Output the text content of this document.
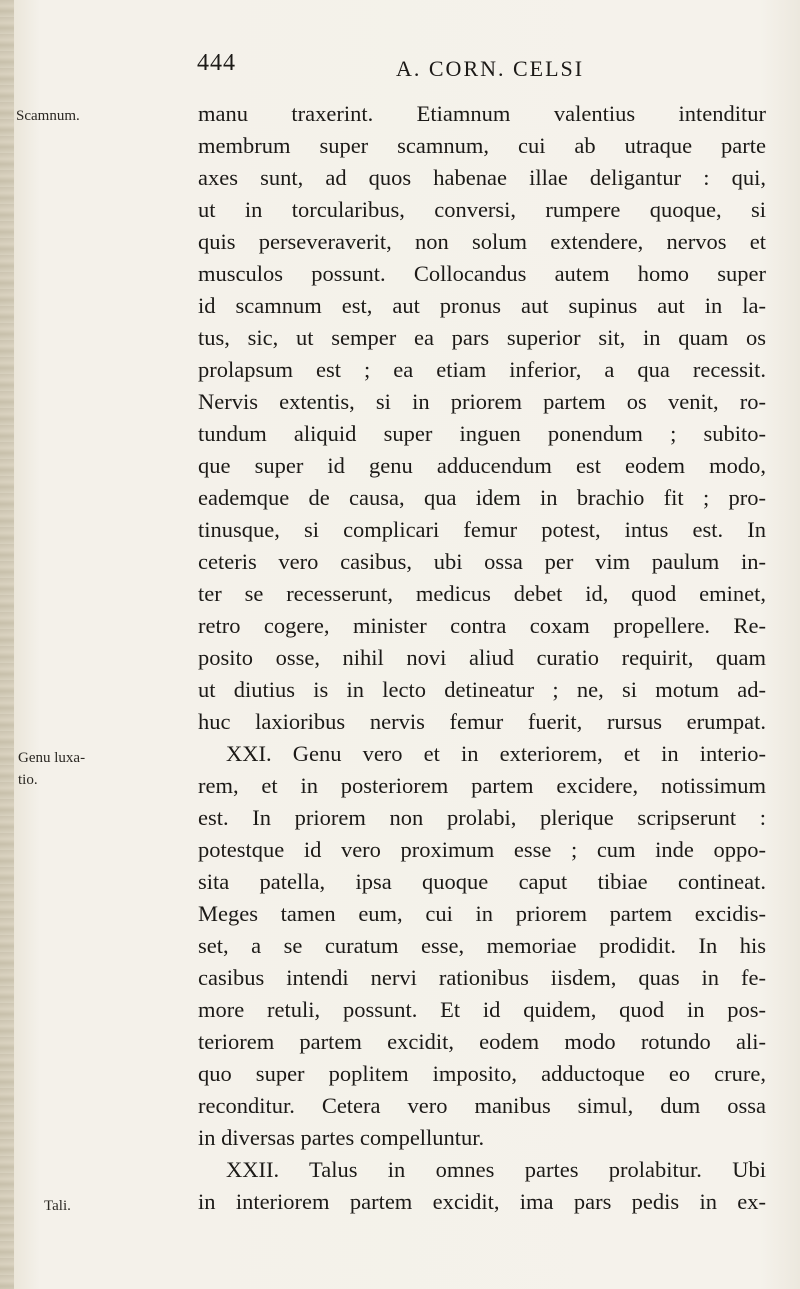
444	A. CORN. CELSI
Scamnum.
Genu luxa-
tio.
Tali.
manu traxerint. Etiamnum valentius intenditur
membrum super scamnum, cui ab utraque parte
axes sunt, ad quos habenae illae deligantur : qui,
ut in torcularibus, conversi, rumpere quoque, si
quis perseveraverit, non solum extendere, nervos et
musculos possunt. Collocandus autem homo super
id scamnum est, aut pronus aut supinus aut in la-
tus, sic, ut semper ea pars superior sit, in quam os
prolapsum est ; ea etiam inferior, a qua recessit.
Nervis extentis, si in priorem partem os venit, ro-
tundum aliquid super inguen ponendum ; subito-
que super id genu adducendum est eodem modo,
eademque de causa, qua idem in brachio fit ; pro-
tinusque, si complicari femur potest, intus est. In
ceteris vero casibus, ubi ossa per vim paulum in-
ter se recesserunt, medicus debet id, quod eminet,
retro cogere, minister contra coxam propellere. Re-
posito osse, nihil novi aliud curatio requirit, quam
ut diutius is in lecto detineatur ; ne, si motum ad-
huc laxioribus nervis femur fuerit, rursus erumpat.
XXI. Genu vero et in exteriorem, et in interio-
rem, et in posteriorem partem excidere, notissimum
est. In priorem non prolabi, plerique scripserunt :
potestque id vero proximum esse ; cum inde oppo-
sita patella, ipsa quoque caput tibiae contineat.
Meges tamen eum, cui in priorem partem excidis-
set, a se curatum esse, memoriae prodidit. In his
casibus intendi nervi rationibus iisdem, quas in fe-
more retuli, possunt. Et id quidem, quod in pos-
teriorem partem excidit, eodem modo rotundo ali-
quo super poplitem imposito, adductoque eo crure,
reconditur. Cetera vero manibus simul, dum ossa
in diversas partes compelluntur.
XXII. Talus in omnes partes prolabitur. Ubi
in interiorem partem excidit, ima pars pedis in ex-
